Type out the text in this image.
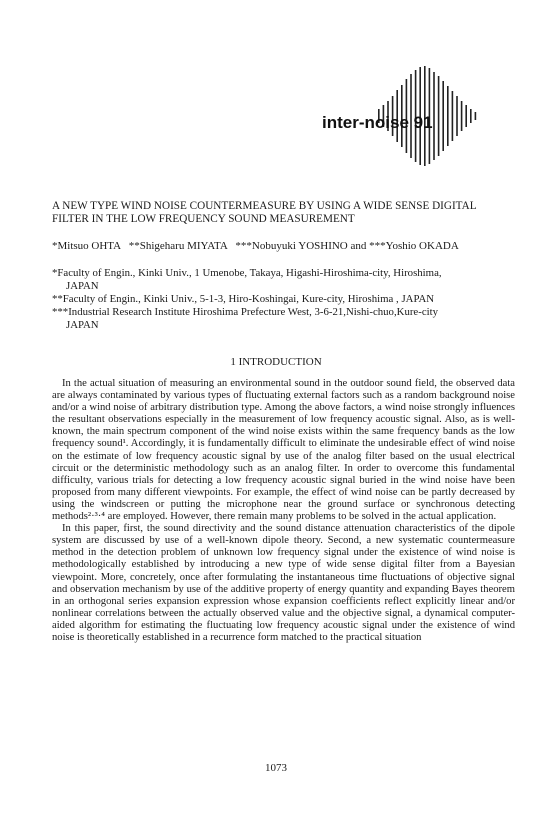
inter-noise 91
A NEW TYPE WIND NOISE COUNTERMEASURE BY USING A WIDE SENSE DIGITAL FILTER IN THE LOW FREQUENCY SOUND MEASUREMENT
*Mitsuo OHTA   **Shigeharu MIYATA   ***Nobuyuki YOSHINO and ***Yoshio OKADA
*Faculty of Engin., Kinki Univ., 1 Umenobe, Takaya, Higashi-Hiroshima-city, Hiroshima,
JAPAN
**Faculty of Engin., Kinki Univ., 5-1-3, Hiro-Koshingai, Kure-city, Hiroshima , JAPAN
***Industrial Research Institute Hiroshima Prefecture West, 3-6-21,Nishi-chuo,Kure-city
JAPAN
1 INTRODUCTION

In the actual situation of measuring an environmental sound in the outdoor sound field, the observed data are always contaminated by various types of fluctuating external factors such as a random background noise and/or a wind noise of arbitrary distribution type. Among the above factors, a wind noise strongly influences the resultant observations especially in the measurement of low frequency acoustic signal. Also, as is well-known, the main spectrum component of the wind noise exists within the same frequency bands as the low frequency sound¹. Accordingly, it is fundamentally difficult to eliminate the undesirable effect of wind noise on the estimate of low frequency acoustic signal by use of the analog filter based on the usual electrical circuit or the deterministic methodology such as an analog filter. In order to overcome this fundamental difficulty, various trials for detecting a low frequency acoustic signal buried in the wind noise have been proposed from many different viewpoints. For example, the effect of wind noise can be partly decreased by using the windscreen or putting the microphone near the ground surface or synchronous detecting methods²·³·⁴ are employed. However, there remain many problems to be solved in the actual application.

In this paper, first, the sound directivity and the sound distance attenuation characteristics of the dipole system are discussed by use of a well-known dipole theory. Second, a new systematic countermeasure method in the detection problem of unknown low frequency signal under the existence of wind noise is methodologically established by introducing a new type of wide sense digital filter from a Bayesian viewpoint. More, concretely, once after formulating the instantaneous time fluctuations of objective signal and observation mechanism by use of the additive property of energy quantity and expanding Bayes theorem in an orthogonal series expansion expression whose expansion coefficients reflect explicitly linear and/or nonlinear correlations between the actually observed value and the objective signal, a dynamical computer-aided algorithm for estimating the fluctuating low frequency acoustic signal under the existence of wind noise is theoretically established in a recurrence form matched to the practical situation

1073
